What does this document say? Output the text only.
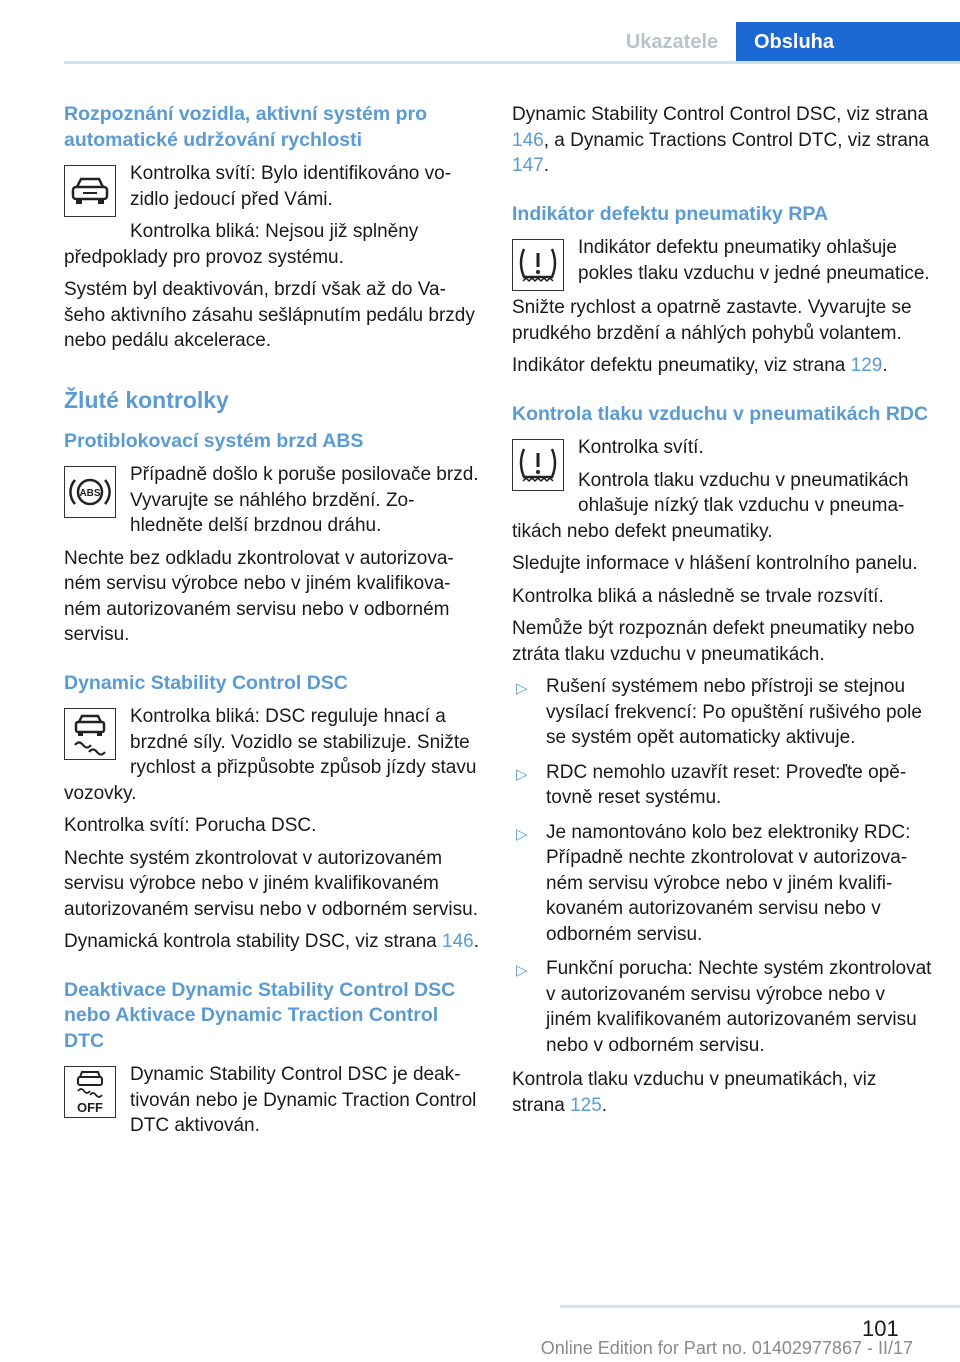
Ukazatele	Obsluha
Rozpoznání vozidla, aktivní systém pro automatické udržování rychlosti
Kontrolka svítí: Bylo identifikováno vozidlo jedoucí před Vámi.
Kontrolka bliká: Nejsou již splněny předpoklady pro provoz systému.
Systém byl deaktivován, brzdí však až do Vašeho aktivního zásahu sešlápnutím pedálu brzdy nebo pedálu akcelerace.
Žluté kontrolky
Protiblokovací systém brzd ABS
ABS
Případně došlo k poruše posilovače brzd. Vyvarujte se náhlého brzdění. Zohledněte delší brzdnou dráhu.
Nechte bez odkladu zkontrolovat v autorizovaném servisu výrobce nebo v jiném kvalifikovaném autorizovaném servisu nebo v odborném servisu.
Dynamic Stability Control DSC
Kontrolka bliká: DSC reguluje hnací a brzdné síly. Vozidlo se stabilizuje. Snižte rychlost a přizpůsobte způsob jízdy stavu vozovky.
Kontrolka svítí: Porucha DSC.
Nechte systém zkontrolovat v autorizovaném servisu výrobce nebo v jiném kvalifikovaném autorizovaném servisu nebo v odborném servisu.
Dynamická kontrola stability DSC, viz strana 146.
Deaktivace Dynamic Stability Control DSC nebo Aktivace Dynamic Traction Control DTC
OFF
Dynamic Stability Control DSC je deaktivován nebo je Dynamic Traction Control DTC aktivován.
Dynamic Stability Control Control DSC, viz strana 146, a Dynamic Tractions Control DTC, viz strana 147.
Indikátor defektu pneumatiky RPA
Indikátor defektu pneumatiky ohlašuje pokles tlaku vzduchu v jedné pneumatice.
Snižte rychlost a opatrně zastavte. Vyvarujte se prudkého brzdění a náhlých pohybů volantem.
Indikátor defektu pneumatiky, viz strana 129.
Kontrola tlaku vzduchu v pneumatikách RDC
Kontrolka svítí.
Kontrola tlaku vzduchu v pneumatikách ohlašuje nízký tlak vzduchu v pneumatikách nebo defekt pneumatiky.
Sledujte informace v hlášení kontrolního panelu.
Kontrolka bliká a následně se trvale rozsvítí.
Nemůže být rozpoznán defekt pneumatiky nebo ztráta tlaku vzduchu v pneumatikách.
▷ Rušení systémem nebo přístroji se stejnou vysílací frekvencí: Po opuštění rušivého pole se systém opět automaticky aktivuje.
▷ RDC nemohlo uzavřít reset: Proveďte opětovně reset systému.
▷ Je namontováno kolo bez elektroniky RDC: Případně nechte zkontrolovat v autorizovaném servisu výrobce nebo v jiném kvalifikovaném autorizovaném servisu nebo v odborném servisu.
▷ Funkční porucha: Nechte systém zkontrolovat v autorizovaném servisu výrobce nebo v jiném kvalifikovaném autorizovaném servisu nebo v odborném servisu.
Kontrola tlaku vzduchu v pneumatikách, viz strana 125.
101
Online Edition for Part no. 01402977867 - II/17
